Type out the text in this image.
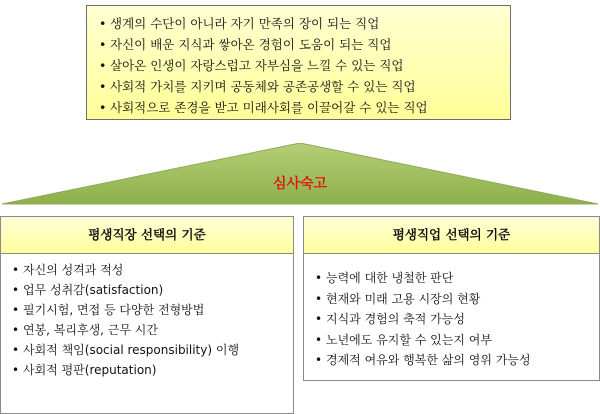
• 생계의 수단이 아니라 자기 만족의 장이 되는 직업
• 자신이 배운 지식과 쌓아온 경험이 도움이 되는 직업
• 살아온 인생이 자랑스럽고 자부심을 느낄 수 있는 직업
• 사회적 가치를 지키며 공동체와 공존공생할 수 있는 직업
• 사회적으로 존경을 받고 미래사회를 이끌어갈 수 있는 직업
심사숙고
평생직장 선택의 기준
• 자신의 성격과 적성
• 업무 성취감(satisfaction)
• 필기시험, 면접 등 다양한 전형방법
• 연봉, 복리후생, 근무 시간
• 사회적 책임(social responsibility) 이행
• 사회적 평판(reputation)
평생직업 선택의 기준
• 능력에 대한 냉철한 판단
• 현재와 미래 고용 시장의 현황
• 지식과 경험의 축적 가능성
• 노년에도 유지할 수 있는지 여부
• 경제적 여유와 행복한 삶의 영위 가능성
